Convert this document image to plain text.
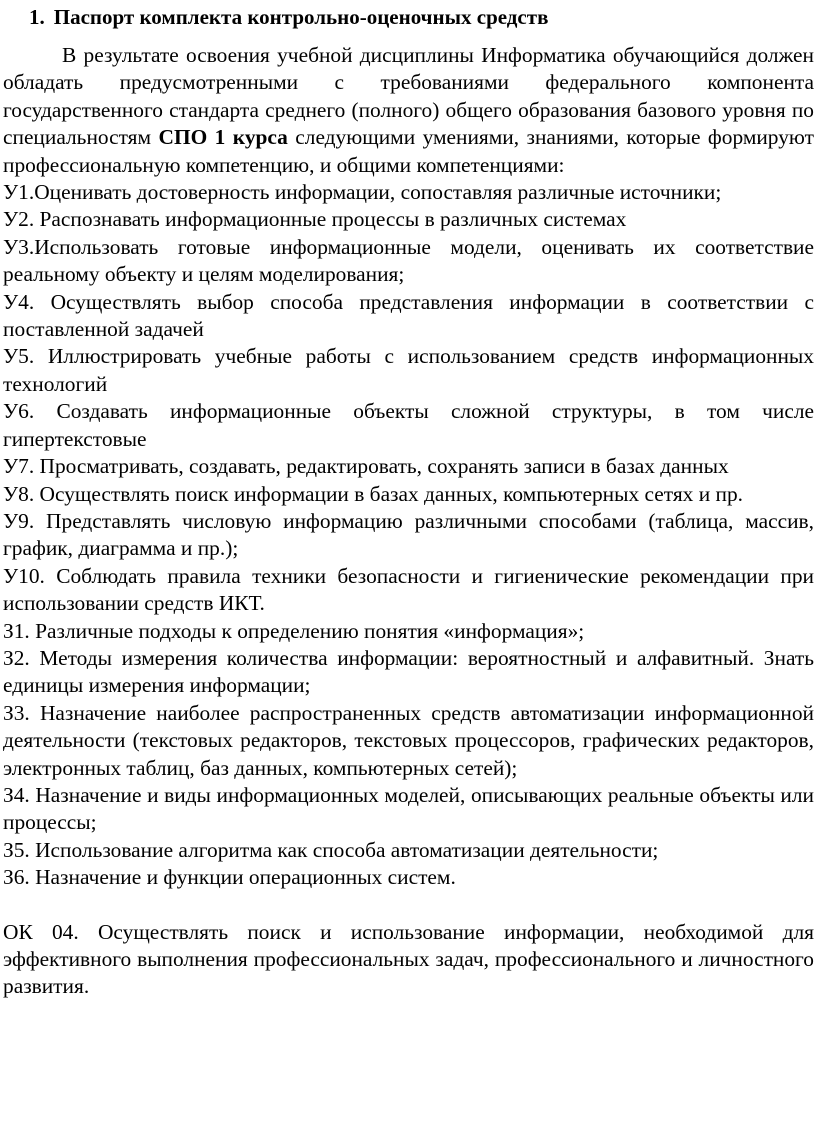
1. Паспорт комплекта контрольно-оценочных средств

В результате освоения учебной дисциплины Информатика обучающийся должен обладать предусмотренными с требованиями федерального компонента государственного стандарта среднего (полного) общего образования базового уровня по специальностям СПО 1 курса следующими умениями, знаниями, которые формируют профессиональную компетенцию, и общими компетенциями:

У1.Оценивать достоверность информации, сопоставляя различные источники;

У2. Распознавать информационные процессы в различных системах

У3.Использовать готовые информационные модели, оценивать их соответствие реальному объекту и целям моделирования;

У4. Осуществлять выбор способа представления информации в соответствии с поставленной задачей

У5. Иллюстрировать учебные работы с использованием средств информационных технологий

У6. Создавать информационные объекты сложной структуры, в том числе гипертекстовые

У7. Просматривать, создавать, редактировать, сохранять записи в базах данных

У8. Осуществлять поиск информации в базах данных, компьютерных сетях и пр.

У9. Представлять числовую информацию различными способами (таблица, массив, график, диаграмма и пр.);

У10. Соблюдать правила техники безопасности и гигиенические рекомендации при использовании средств ИКТ.

З1. Различные подходы к определению понятия «информация»;

З2. Методы измерения количества информации: вероятностный и алфавитный. Знать единицы измерения информации;

З3. Назначение наиболее распространенных средств автоматизации информационной деятельности (текстовых редакторов, текстовых процессоров, графических редакторов, электронных таблиц, баз данных, компьютерных сетей);

З4. Назначение и виды информационных моделей, описывающих реальные объекты или процессы;

З5. Использование алгоритма как способа автоматизации деятельности;

З6. Назначение и функции операционных систем.

ОК 04. Осуществлять поиск и использование информации, необходимой для эффективного выполнения профессиональных задач, профессионального и личностного развития.
